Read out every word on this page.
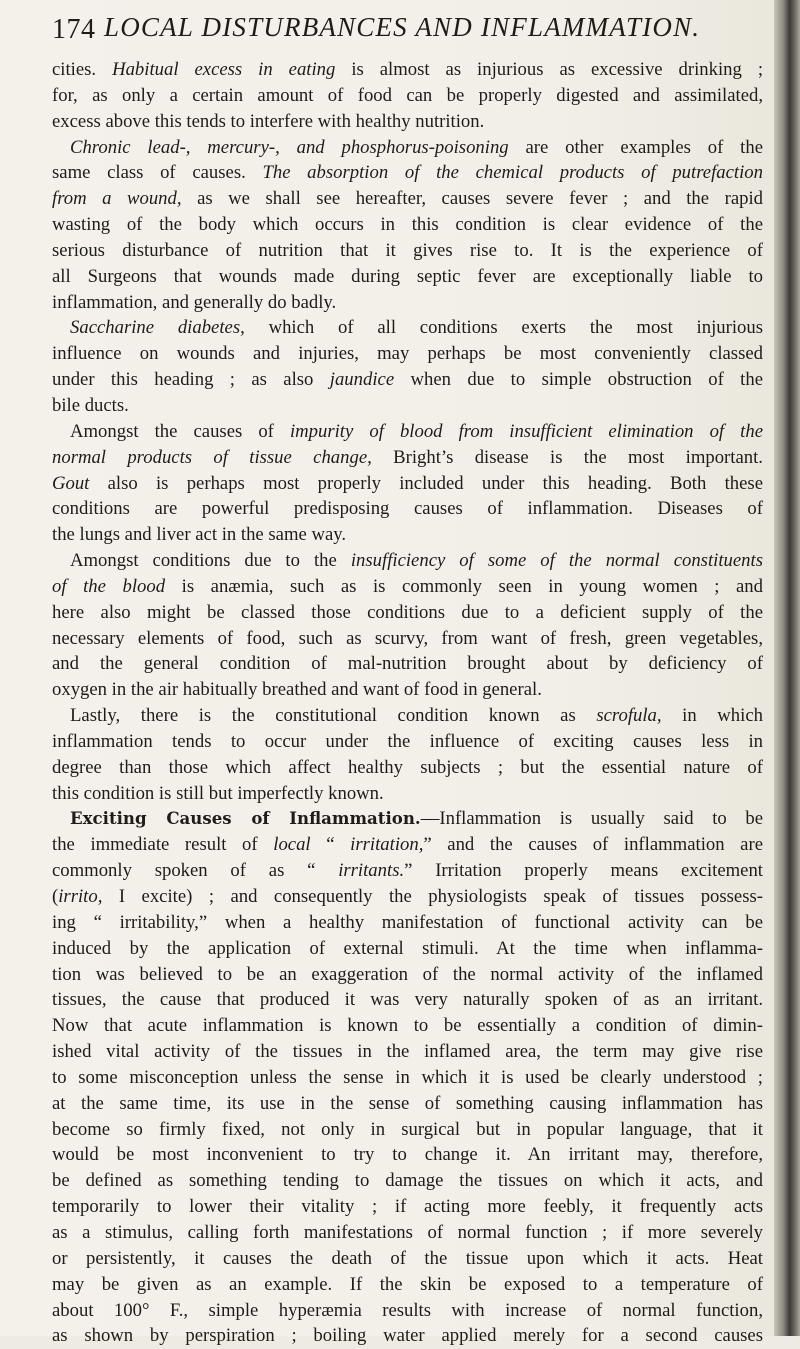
174 LOCAL DISTURBANCES AND INFLAMMATION.
cities. Habitual excess in eating is almost as injurious as excessive drinking ;
for, as only a certain amount of food can be properly digested and assimilated,
excess above this tends to interfere with healthy nutrition.
Chronic lead-, mercury-, and phosphorus-poisoning are other examples of the
same class of causes. The absorption of the chemical products of putrefaction
from a wound, as we shall see hereafter, causes severe fever ; and the rapid
wasting of the body which occurs in this condition is clear evidence of the
serious disturbance of nutrition that it gives rise to. It is the experience of
all Surgeons that wounds made during septic fever are exceptionally liable to
inflammation, and generally do badly.
Saccharine diabetes, which of all conditions exerts the most injurious
influence on wounds and injuries, may perhaps be most conveniently classed
under this heading ; as also jaundice when due to simple obstruction of the
bile ducts.
Amongst the causes of impurity of blood from insufficient elimination of the
normal products of tissue change, Bright’s disease is the most important.
Gout also is perhaps most properly included under this heading. Both these
conditions are powerful predisposing causes of inflammation. Diseases of
the lungs and liver act in the same way.
Amongst conditions due to the insufficiency of some of the normal constituents
of the blood is anæmia, such as is commonly seen in young women ; and
here also might be classed those conditions due to a deficient supply of the
necessary elements of food, such as scurvy, from want of fresh, green vegetables,
and the general condition of mal-nutrition brought about by deficiency of
oxygen in the air habitually breathed and want of food in general.
Lastly, there is the constitutional condition known as scrofula, in which
inflammation tends to occur under the influence of exciting causes less in
degree than those which affect healthy subjects ; but the essential nature of
this condition is still but imperfectly known.
Exciting Causes of Inflammation.—Inflammation is usually said to be
the immediate result of local “ irritation,” and the causes of inflammation are
commonly spoken of as “ irritants.” Irritation properly means excitement
(irrito, I excite) ; and consequently the physiologists speak of tissues possess-
ing “ irritability,” when a healthy manifestation of functional activity can be
induced by the application of external stimuli. At the time when inflamma-
tion was believed to be an exaggeration of the normal activity of the inflamed
tissues, the cause that produced it was very naturally spoken of as an irritant.
Now that acute inflammation is known to be essentially a condition of dimin-
ished vital activity of the tissues in the inflamed area, the term may give rise
to some misconception unless the sense in which it is used be clearly understood ;
at the same time, its use in the sense of something causing inflammation has
become so firmly fixed, not only in surgical but in popular language, that it
would be most inconvenient to try to change it. An irritant may, therefore,
be defined as something tending to damage the tissues on which it acts, and
temporarily to lower their vitality ; if acting more feebly, it frequently acts
as a stimulus, calling forth manifestations of normal function ; if more severely
or persistently, it causes the death of the tissue upon which it acts. Heat
may be given as an example. If the skin be exposed to a temperature of
about 100° F., simple hyperæmia results with increase of normal function,
as shown by perspiration ; boiling water applied merely for a second causes
